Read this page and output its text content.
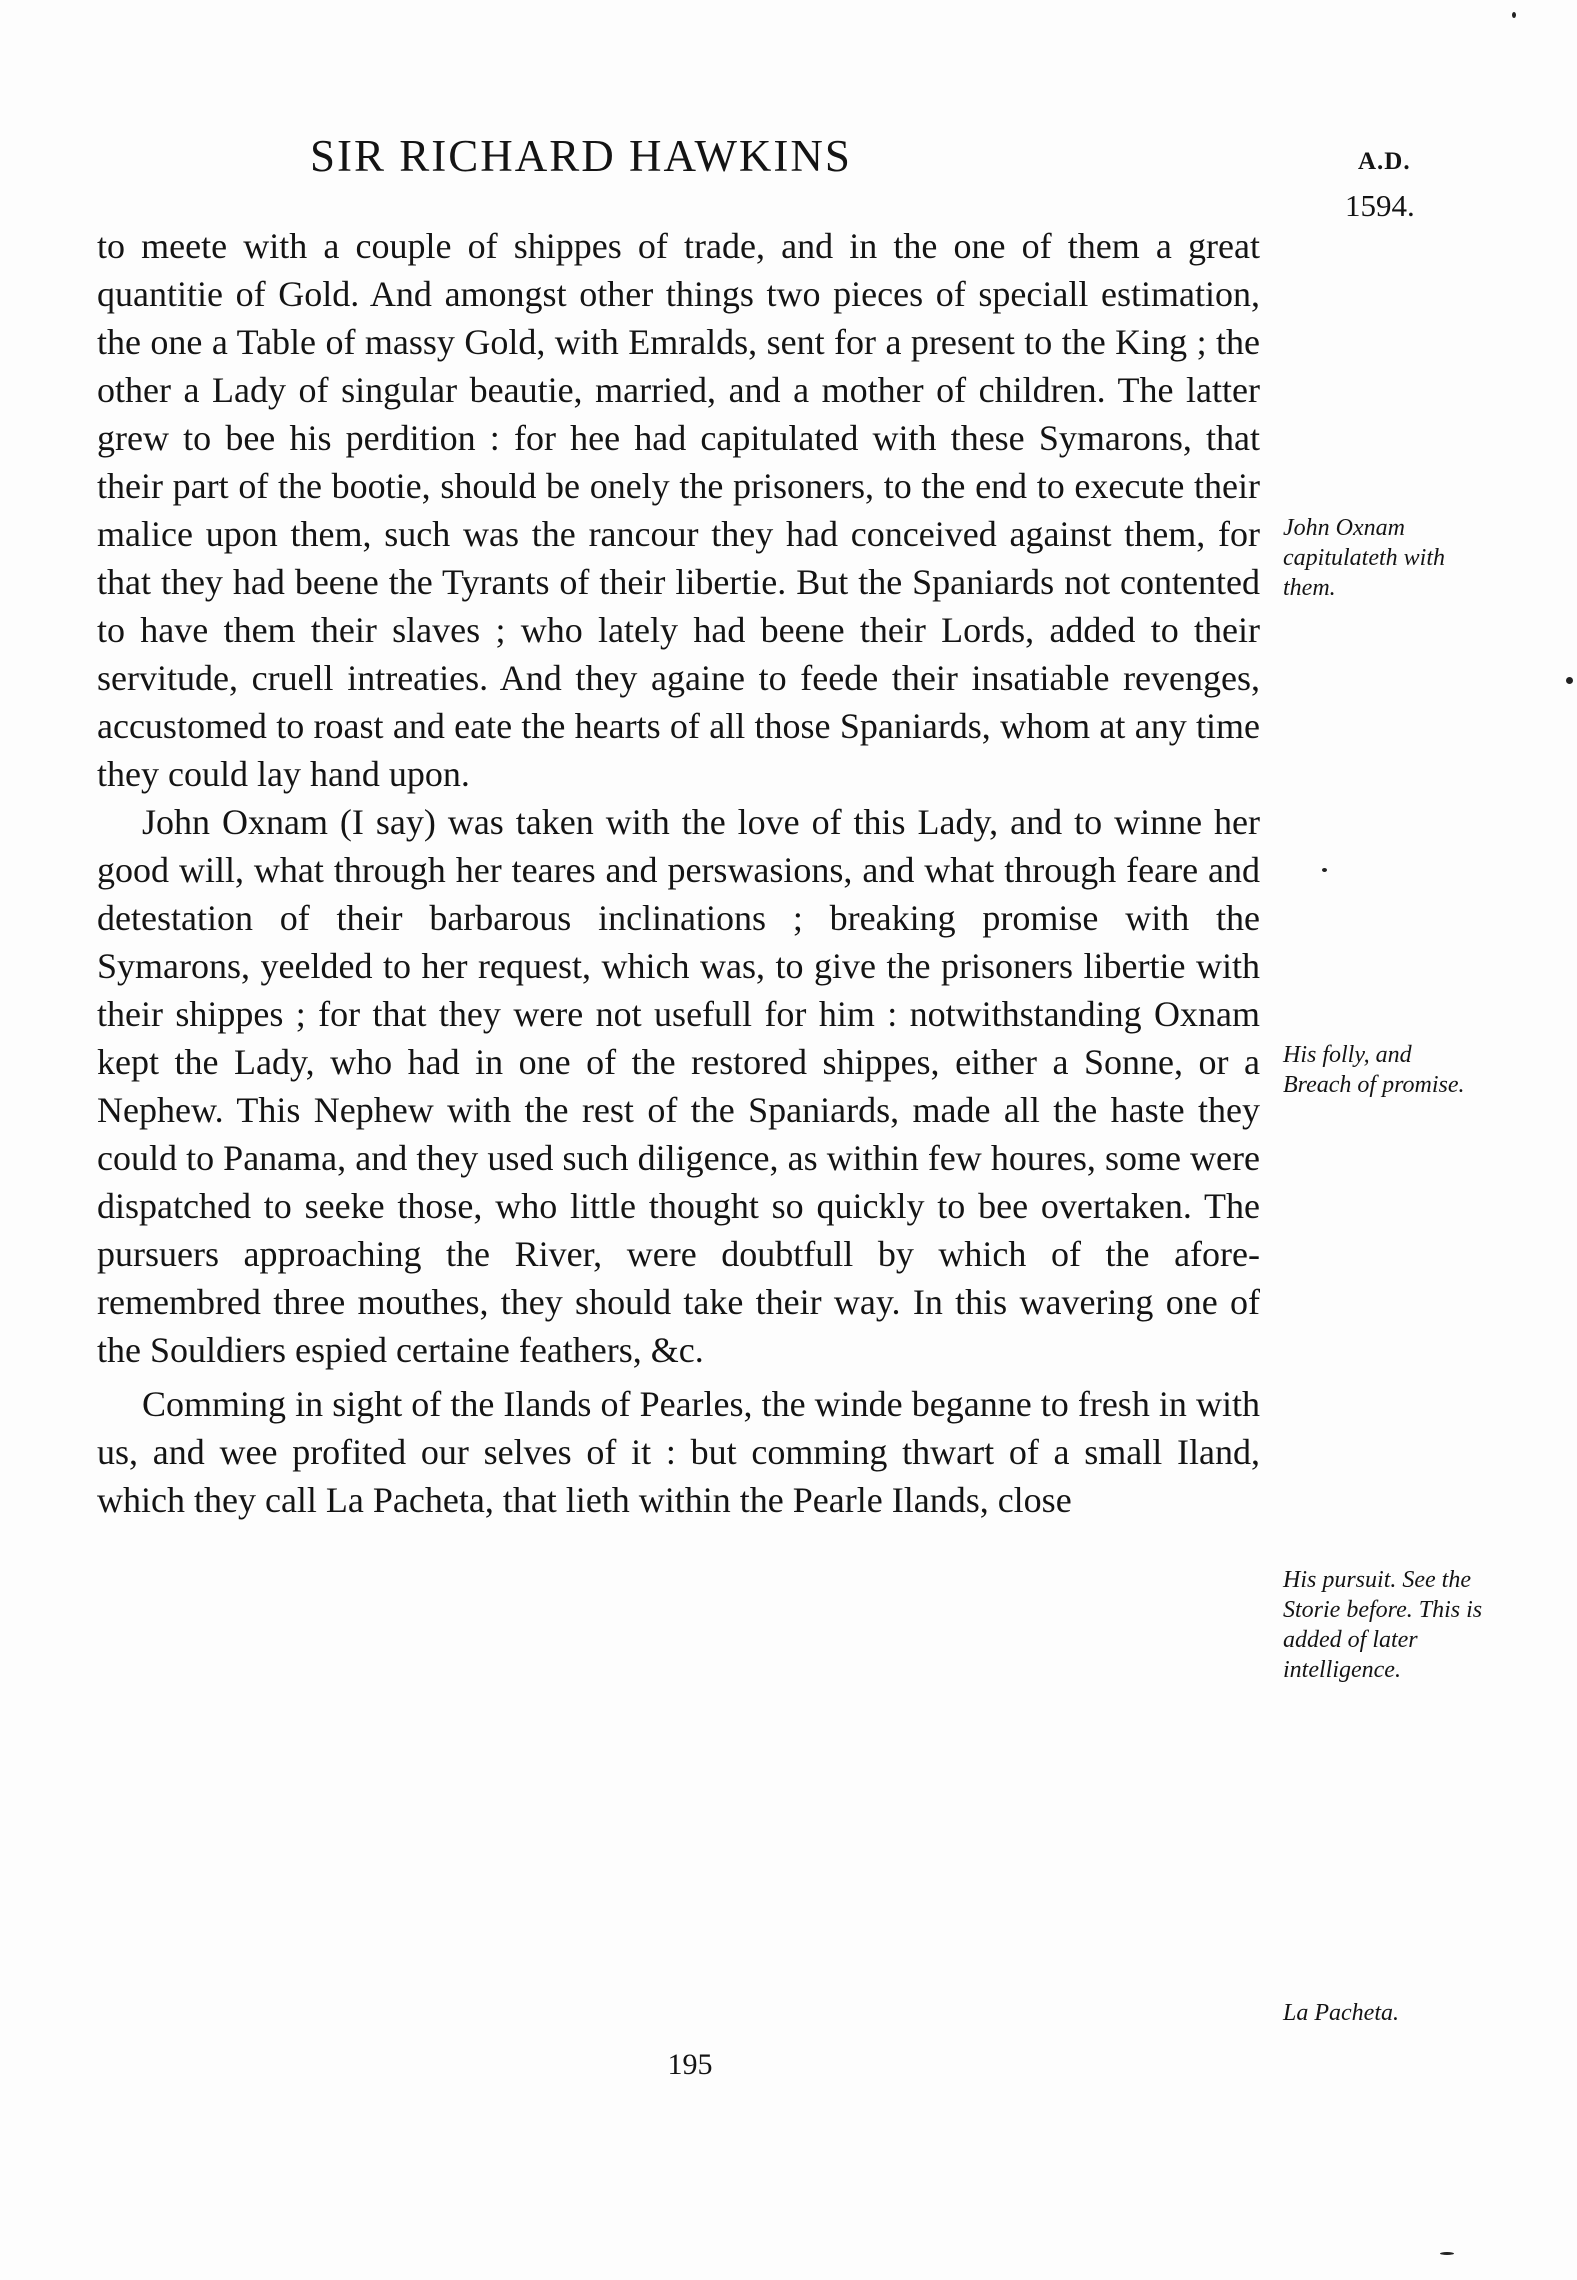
SIR RICHARD HAWKINS	A.D.
1594.

to meete with a couple of shippes of trade, and in the one of them a great quantitie of Gold. And amongst other things two pieces of speciall estimation, the one a Table of massy Gold, with Emralds, sent for a present to the King ; the other a Lady of singular beautie, married, and a mother of children. The latter grew to bee his perdition : for hee had capitulated with these Symarons, that their part of the bootie, should be onely the prisoners, to the end to execute their malice upon them, such was the rancour they had conceived against them, for that they had beene the Tyrants of their libertie. But the Spaniards not contented to have them their slaves ; who lately had beene their Lords, added to their servitude, cruell intreaties. And they againe to feede their insatiable revenges, accustomed to roast and eate the hearts of all those Spaniards, whom at any time they could lay hand upon.

John Oxnam (I say) was taken with the love of this Lady, and to winne her good will, what through her teares and perswasions, and what through feare and detestation of their barbarous inclinations ; breaking promise with the Symarons, yeelded to her request, which was, to give the prisoners libertie with their shippes ; for that they were not usefull for him : notwithstanding Oxnam kept the Lady, who had in one of the restored shippes, either a Sonne, or a Nephew. This Nephew with the rest of the Spaniards, made all the haste they could to Panama, and they used such diligence, as within few houres, some were dispatched to seeke those, who little thought so quickly to bee overtaken. The pursuers approaching the River, were doubtfull by which of the afore-remembred three mouthes, they should take their way. In this wavering one of the Souldiers espied certaine feathers, &c.

Comming in sight of the Ilands of Pearles, the winde beganne to fresh in with us, and wee profited our selves of it : but comming thwart of a small Iland, which they call La Pacheta, that lieth within the Pearle Ilands, close

John Oxnam capitulateth with them.
His folly, and Breach of promise.
His pursuit. See the Storie before. This is added of later intelligence.
La Pacheta.
195
